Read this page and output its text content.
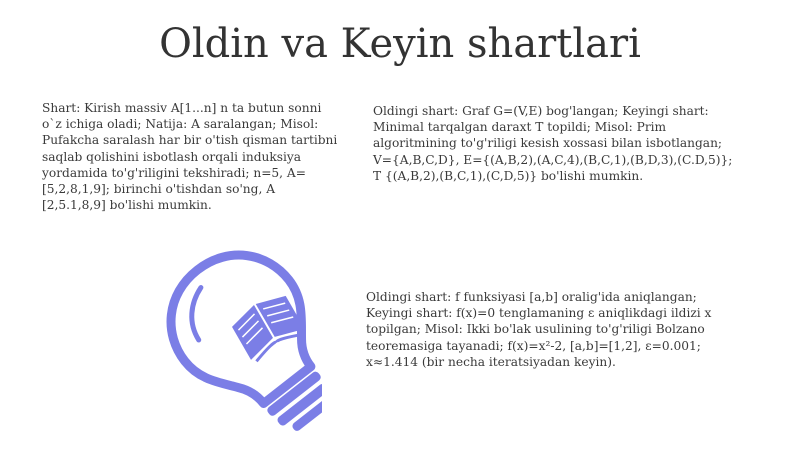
Oldin va Keyin shartlari

Shart: Kirish massiv A[1...n] n ta butun sonni o`z ichiga oladi; Natija: A saralangan; Misol: Pufakcha saralash har bir o'tish qisman tartibni saqlab qolishini isbotlash orqali induksiya yordamida to'g'riligini tekshiradi; n=5, A=[5,2,8,1,9]; birinchi o'tishdan so'ng, A [2,5.1,8,9] bo'lishi mumkin.

Oldingi shart: Graf G=(V,E) bog'langan; Keyingi shart: Minimal tarqalgan daraxt T topildi; Misol: Prim algoritmining to'g'riligi kesish xossasi bilan isbotlangan; V={A,B,C,D}, E={(A,B,2),(A,C,4),(B,C,1),(B,D,3),(C.D,5)}; T {(A,B,2),(B,C,1),(C,D,5)} bo'lishi mumkin.

Oldingi shart: f funksiyasi [a,b] oralig'ida aniqlangan; Keyingi shart: f(x)=0 tenglamaning ε aniqlikdagi ildizi x topilgan; Misol: Ikki bo'lak usulining to'g'riligi Bolzano teoremasiga tayanadi; f(x)=x²-2, [a,b]=[1,2], ε=0.001; x≈1.414 (bir necha iteratsiyadan keyin).
